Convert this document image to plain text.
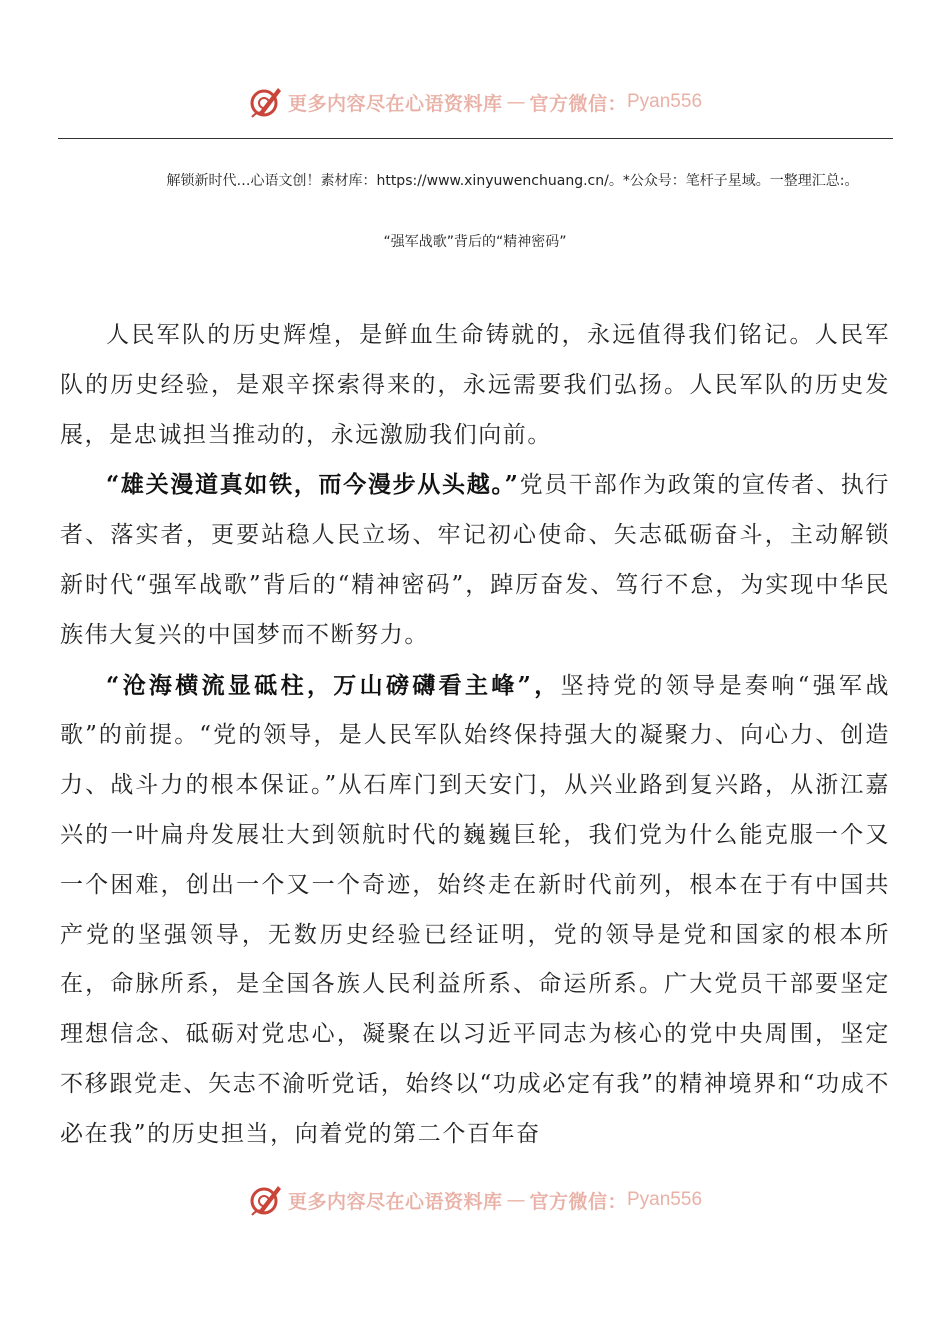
更多内容尽在心语资料库 — 官方微信： Pyan556
解锁新时代…心语文创！素材库：https://www.xinyuwenchuang.cn/。*公众号：笔杆子星域。一整理汇总:。
“强军战歌”背后的“精神密码”

人民军队的历史辉煌，是鲜血生命铸就的，永远值得我们铭记。人民军队的历史经验，是艰辛探索得来的，永远需要我们弘扬。人民军队的历史发展，是忠诚担当推动的，永远激励我们向前。

“雄关漫道真如铁，而今漫步从头越。”党员干部作为政策的宣传者、执行者、落实者，更要站稳人民立场、牢记初心使命、矢志砥砺奋斗，主动解锁新时代“强军战歌”背后的“精神密码”，踔厉奋发、笃行不怠，为实现中华民族伟大复兴的中国梦而不断努力。

“沧海横流显砥柱，万山磅礴看主峰”，坚持党的领导是奏响“强军战歌”的前提。“党的领导，是人民军队始终保持强大的凝聚力、向心力、创造力、战斗力的根本保证。”从石库门到天安门，从兴业路到复兴路，从浙江嘉兴的一叶扁舟发展壮大到领航时代的巍巍巨轮，我们党为什么能克服一个又一个困难，创出一个又一个奇迹，始终走在新时代前列，根本在于有中国共产党的坚强领导，无数历史经验已经证明，党的领导是党和国家的根本所在，命脉所系，是全国各族人民利益所系、命运所系。广大党员干部要坚定理想信念、砥砺对党忠心，凝聚在以习近平同志为核心的党中央周围，坚定不移跟党走、矢志不渝听党话，始终以“功成必定有我”的精神境界和“功成不必在我”的历史担当，向着党的第二个百年奋

更多内容尽在心语资料库 — 官方微信： Pyan556
